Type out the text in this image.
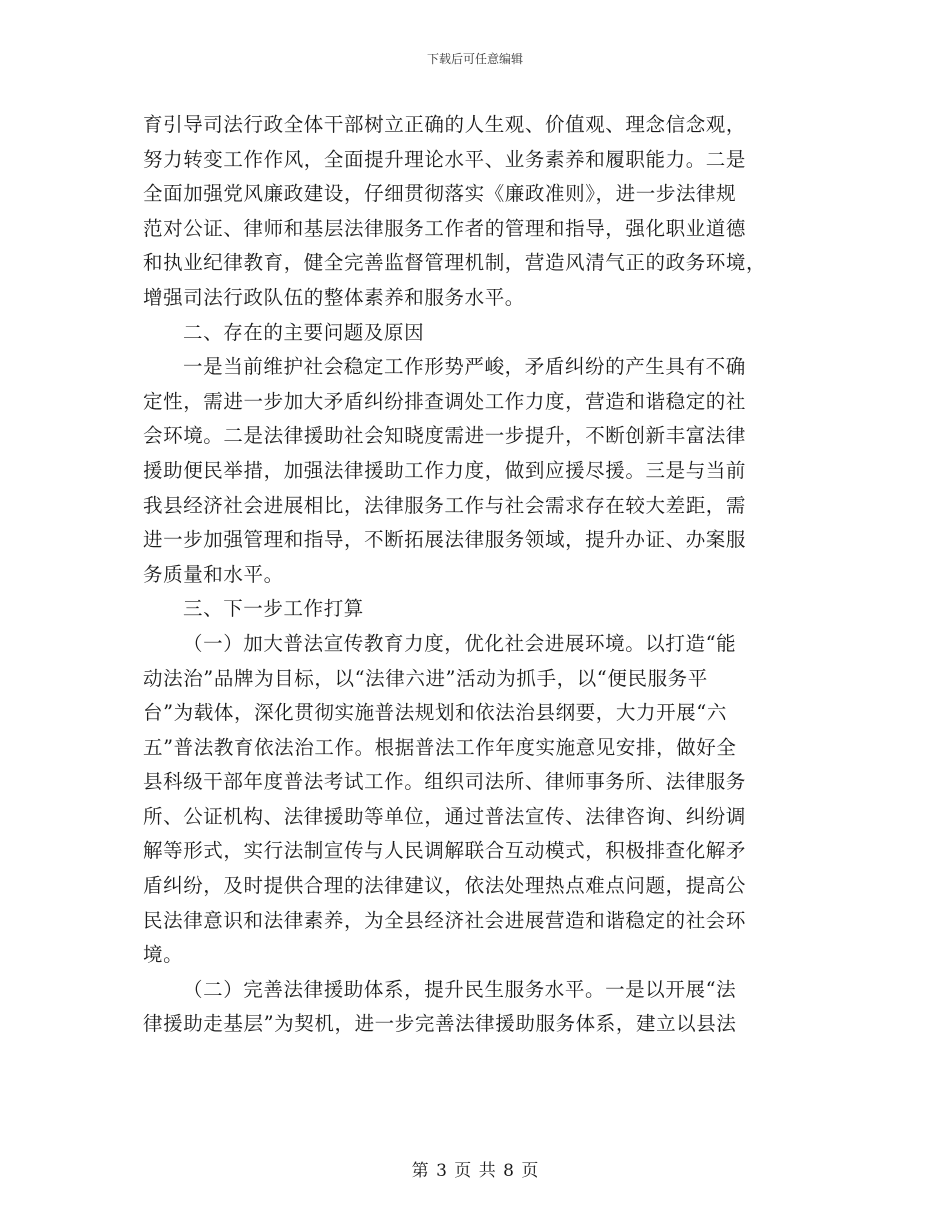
下载后可任意编辑
育引导司法行政全体干部树立正确的人生观、价值观、理念信念观，
努力转变工作作风，全面提升理论水平、业务素养和履职能力。二是
全面加强党风廉政建设，仔细贯彻落实《廉政准则》，进一步法律规
范对公证、律师和基层法律服务工作者的管理和指导，强化职业道德
和执业纪律教育，健全完善监督管理机制，营造风清气正的政务环境，
增强司法行政队伍的整体素养和服务水平。
二、存在的主要问题及原因
一是当前维护社会稳定工作形势严峻，矛盾纠纷的产生具有不确
定性，需进一步加大矛盾纠纷排查调处工作力度，营造和谐稳定的社
会环境。二是法律援助社会知晓度需进一步提升，不断创新丰富法律
援助便民举措，加强法律援助工作力度，做到应援尽援。三是与当前
我县经济社会进展相比，法律服务工作与社会需求存在较大差距，需
进一步加强管理和指导，不断拓展法律服务领域，提升办证、办案服
务质量和水平。
三、下一步工作打算
（一）加大普法宣传教育力度，优化社会进展环境。以打造“能
动法治”品牌为目标，以“法律六进”活动为抓手，以“便民服务平
台”为载体，深化贯彻实施普法规划和依法治县纲要，大力开展“六
五”普法教育依法治工作。根据普法工作年度实施意见安排，做好全
县科级干部年度普法考试工作。组织司法所、律师事务所、法律服务
所、公证机构、法律援助等单位，通过普法宣传、法律咨询、纠纷调
解等形式，实行法制宣传与人民调解联合互动模式，积极排查化解矛
盾纠纷，及时提供合理的法律建议，依法处理热点难点问题，提高公
民法律意识和法律素养，为全县经济社会进展营造和谐稳定的社会环
境。
（二）完善法律援助体系，提升民生服务水平。一是以开展“法
律援助走基层”为契机，进一步完善法律援助服务体系，建立以县法
第 3 页 共 8 页
